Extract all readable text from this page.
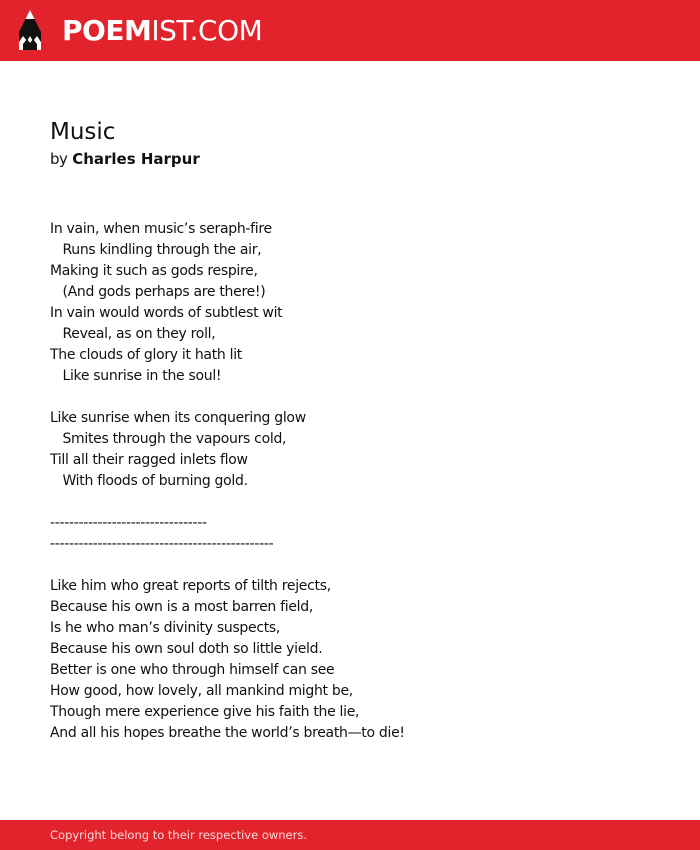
POEMIST.COM
Music
by Charles Harpur
In vain, when music’s seraph-fire
Runs kindling through the air,
Making it such as gods respire,
(And gods perhaps are there!)
In vain would words of subtlest wit
Reveal, as on they roll,
The clouds of glory it hath lit
Like sunrise in the soul!
Like sunrise when its conquering glow
Smites through the vapours cold,
Till all their ragged inlets flow
With floods of burning gold.
---------------------------------
-----------------------------------------------
Like him who great reports of tilth rejects,
Because his own is a most barren field,
Is he who man’s divinity suspects,
Because his own soul doth so little yield.
Better is one who through himself can see
How good, how lovely, all mankind might be,
Though mere experience give his faith the lie,
And all his hopes breathe the world’s breath—to die!
Copyright belong to their respective owners.
